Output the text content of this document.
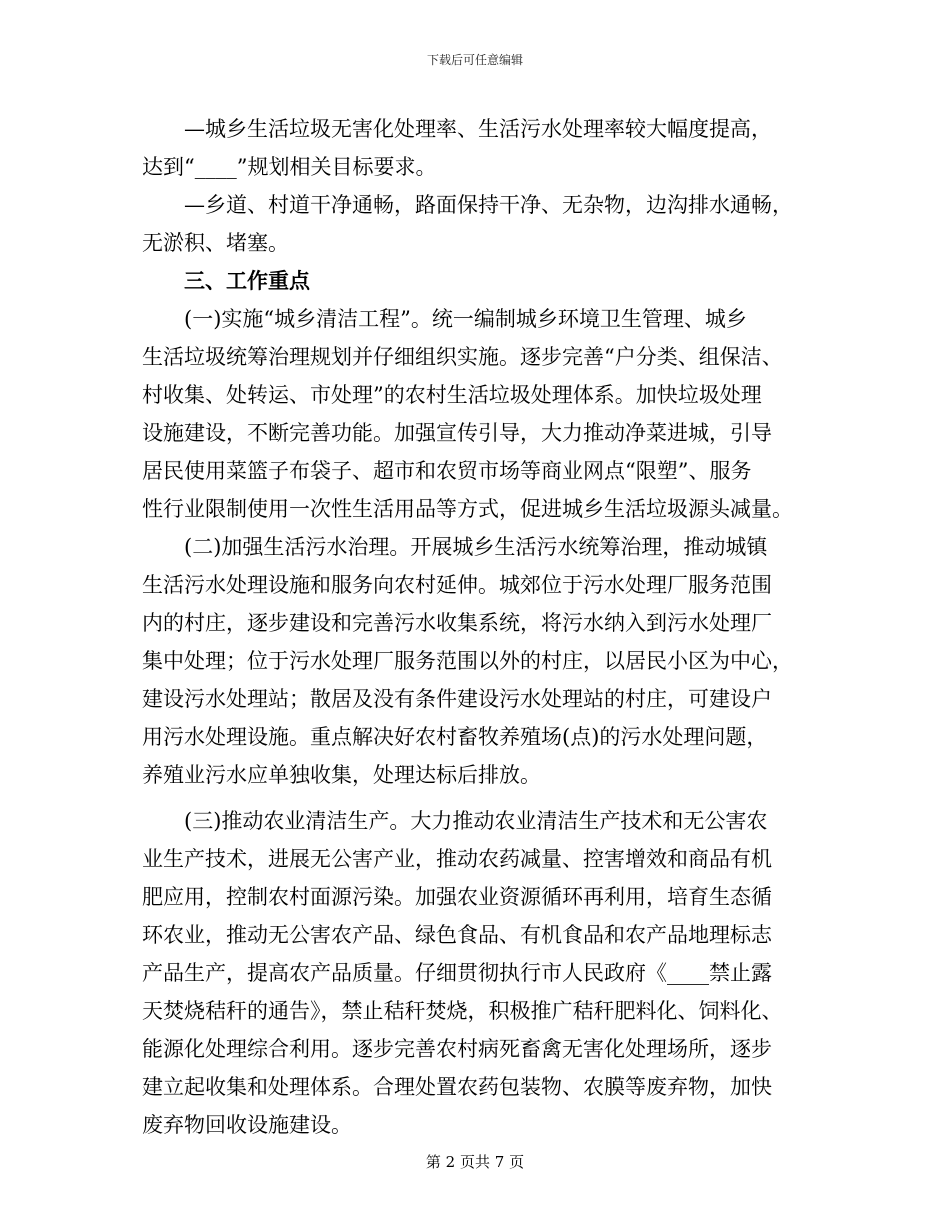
下载后可任意编辑
—城乡生活垃圾无害化处理率、生活污水处理率较大幅度提高，
达到“____”规划相关目标要求。
—乡道、村道干净通畅，路面保持干净、无杂物，边沟排水通畅，
无淤积、堵塞。
三、工作重点
(一)实施“城乡清洁工程”。统一编制城乡环境卫生管理、城乡
生活垃圾统筹治理规划并仔细组织实施。逐步完善“户分类、组保洁、
村收集、处转运、市处理”的农村生活垃圾处理体系。加快垃圾处理
设施建设，不断完善功能。加强宣传引导，大力推动净菜进城，引导
居民使用菜篮子布袋子、超市和农贸市场等商业网点“限塑”、服务
性行业限制使用一次性生活用品等方式，促进城乡生活垃圾源头减量。
(二)加强生活污水治理。开展城乡生活污水统筹治理，推动城镇
生活污水处理设施和服务向农村延伸。城郊位于污水处理厂服务范围
内的村庄，逐步建设和完善污水收集系统，将污水纳入到污水处理厂
集中处理；位于污水处理厂服务范围以外的村庄，以居民小区为中心，
建设污水处理站；散居及没有条件建设污水处理站的村庄，可建设户
用污水处理设施。重点解决好农村畜牧养殖场(点)的污水处理问题，
养殖业污水应单独收集，处理达标后排放。
(三)推动农业清洁生产。大力推动农业清洁生产技术和无公害农
业生产技术，进展无公害产业，推动农药减量、控害增效和商品有机
肥应用，控制农村面源污染。加强农业资源循环再利用，培育生态循
环农业，推动无公害农产品、绿色食品、有机食品和农产品地理标志
产品生产，提高农产品质量。仔细贯彻执行市人民政府《____禁止露
天焚烧秸秆的通告》，禁止秸秆焚烧，积极推广秸秆肥料化、饲料化、
能源化处理综合利用。逐步完善农村病死畜禽无害化处理场所，逐步
建立起收集和处理体系。合理处置农药包装物、农膜等废弃物，加快
废弃物回收设施建设。
第 2 页共 7 页
